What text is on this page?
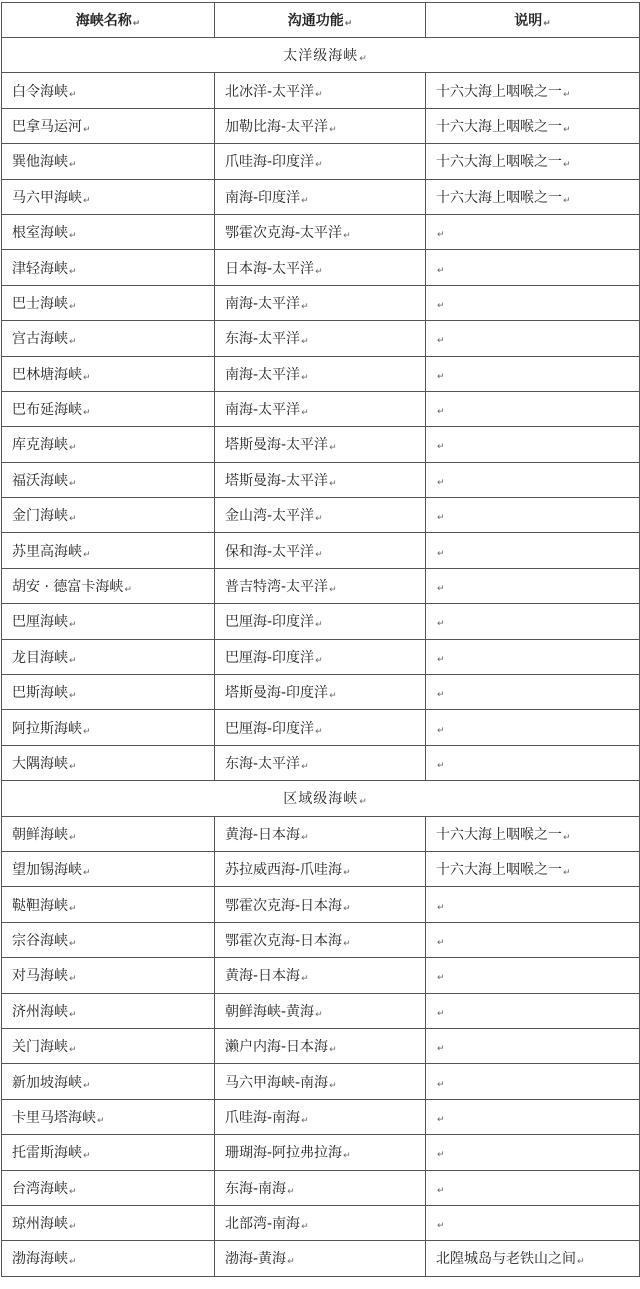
海峡名称↵	沟通功能↵	说明↵
太洋级海峡↵		
白令海峡↵	北冰洋-太平洋↵	十六大海上咽喉之一↵
巴拿马运河↵	加勒比海-太平洋↵	十六大海上咽喉之一↵
巽他海峡↵	爪哇海-印度洋↵	十六大海上咽喉之一↵
马六甲海峡↵	南海-印度洋↵	十六大海上咽喉之一↵
根室海峡↵	鄂霍次克海-太平洋↵	↵
津轻海峡↵	日本海-太平洋↵	↵
巴士海峡↵	南海-太平洋↵	↵
宫古海峡↵	东海-太平洋↵	↵
巴林塘海峡↵	南海-太平洋↵	↵
巴布延海峡↵	南海-太平洋↵	↵
库克海峡↵	塔斯曼海-太平洋↵	↵
福沃海峡↵	塔斯曼海-太平洋↵	↵
金门海峡↵	金山湾-太平洋↵	↵
苏里高海峡↵	保和海-太平洋↵	↵
胡安 · 德富卡海峡↵	普吉特湾-太平洋↵	↵
巴厘海峡↵	巴厘海-印度洋↵	↵
龙目海峡↵	巴厘海-印度洋↵	↵
巴斯海峡↵	塔斯曼海-印度洋↵	↵
阿拉斯海峡↵	巴厘海-印度洋↵	↵
大隅海峡↵	东海-太平洋↵	↵
区域级海峡↵		
朝鲜海峡↵	黄海-日本海↵	十六大海上咽喉之一↵
望加锡海峡↵	苏拉威西海-爪哇海↵	十六大海上咽喉之一↵
鞑靼海峡↵	鄂霍次克海-日本海↵	↵
宗谷海峡↵	鄂霍次克海-日本海↵	↵
对马海峡↵	黄海-日本海↵	↵
济州海峡↵	朝鲜海峡-黄海↵	↵
关门海峡↵	濑户内海-日本海↵	↵
新加坡海峡↵	马六甲海峡-南海↵	↵
卡里马塔海峡↵	爪哇海-南海↵	↵
托雷斯海峡↵	珊瑚海-阿拉弗拉海↵	↵
台湾海峡↵	东海-南海↵	↵
琼州海峡↵	北部湾-南海↵	↵
渤海海峡↵	渤海-黄海↵	北隍城岛与老铁山之间↵
